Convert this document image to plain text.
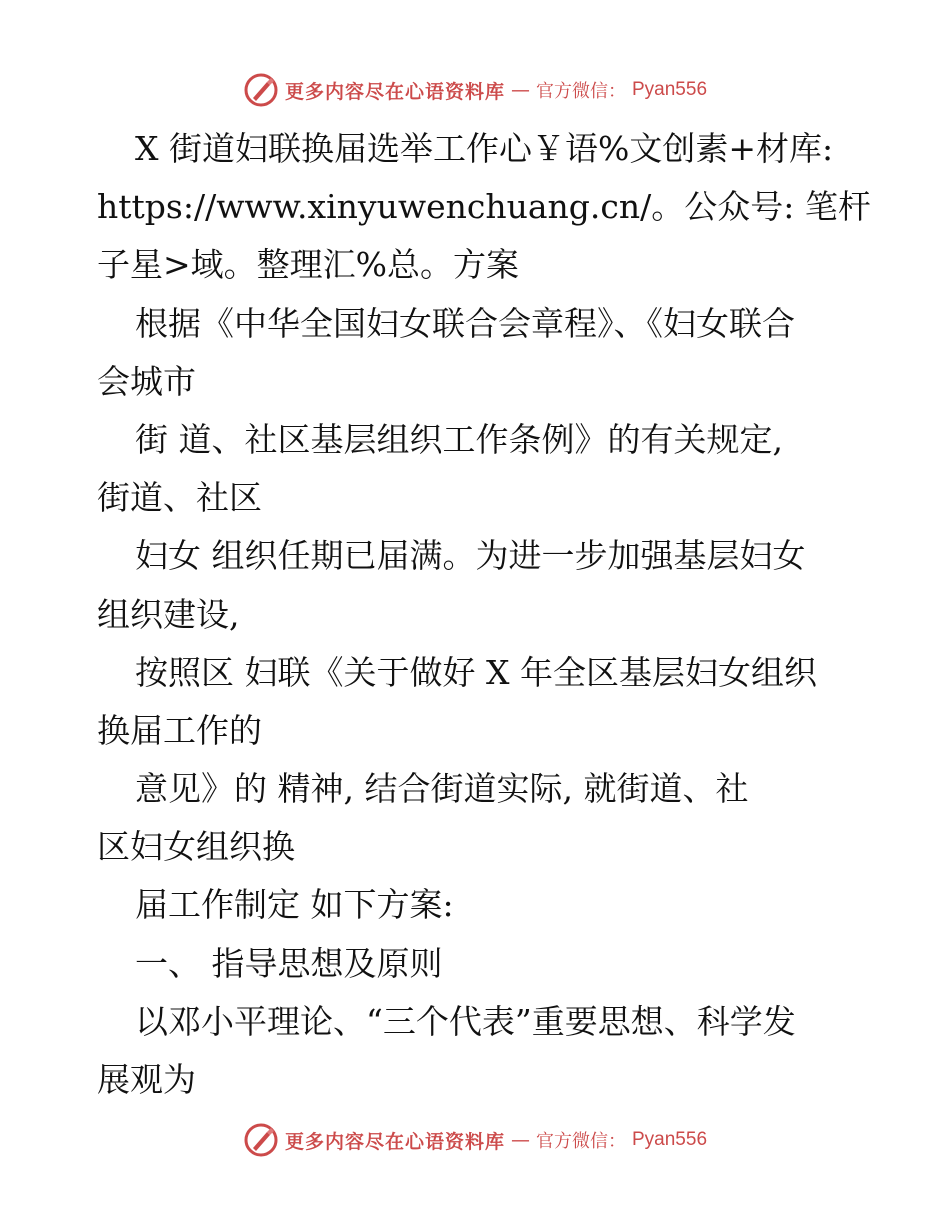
更多内容尽在心语资料库 — 官方微信： Pyan556
X 街道妇联换届选举工作心￥语%文创素+材库:
https://www.xinyuwenchuang.cn/。公众号: 笔杆
子星>域。整理汇%总。方案
根据《中华全国妇女联合会章程》、《妇女联合
会城市
街 道、社区基层组织工作条例》的有关规定,
街道、社区
妇女 组织任期已届满。为进一步加强基层妇女
组织建设,
按照区 妇联《关于做好 X 年全区基层妇女组织
换届工作的
意见》的 精神, 结合街道实际, 就街道、社
区妇女组织换
届工作制定 如下方案:
一、 指导思想及原则
以邓小平理论、“三个代表”重要思想、科学发
展观为
更多内容尽在心语资料库 — 官方微信： Pyan556
